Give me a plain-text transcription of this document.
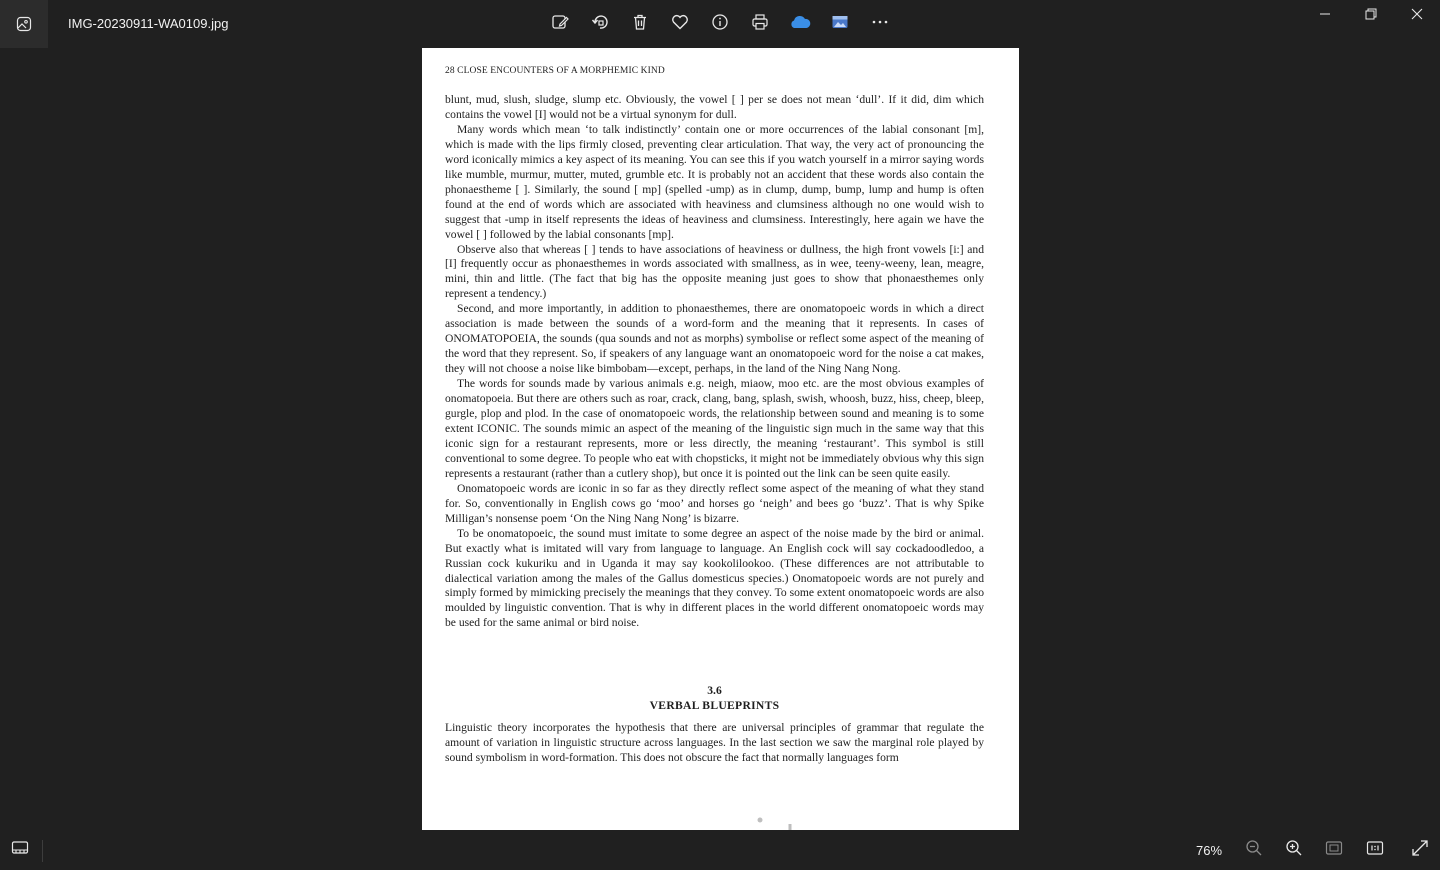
IMG-20230911-WA0109.jpg
28 CLOSE ENCOUNTERS OF A MORPHEMIC KIND

blunt, mud, slush, sludge, slump etc. Obviously, the vowel [ ] per se does not mean ‘dull’. If it did, dim which contains the vowel [I] would not be a virtual synonym for dull.

Many words which mean ‘to talk indistinctly’ contain one or more occurrences of the labial consonant [m], which is made with the lips firmly closed, preventing clear articulation. That way, the very act of pronouncing the word iconically mimics a key aspect of its meaning. You can see this if you watch yourself in a mirror saying words like mumble, murmur, mutter, muted, grumble etc. It is probably not an accident that these words also contain the phonaestheme [ ]. Similarly, the sound [ mp] (spelled -ump) as in clump, dump, bump, lump and hump is often found at the end of words which are associated with heaviness and clumsiness although no one would wish to suggest that -ump in itself represents the ideas of heaviness and clumsiness. Interestingly, here again we have the vowel [ ] followed by the labial consonants [mp].

Observe also that whereas [ ] tends to have associations of heaviness or dullness, the high front vowels [i:] and [I] frequently occur as phonaesthemes in words associated with smallness, as in wee, teeny-weeny, lean, meagre, mini, thin and little. (The fact that big has the opposite meaning just goes to show that phonaesthemes only represent a tendency.)

Second, and more importantly, in addition to phonaesthemes, there are onomatopoeic words in which a direct association is made between the sounds of a word-form and the meaning that it represents. In cases of ONOMATOPOEIA, the sounds (qua sounds and not as morphs) symbolise or reflect some aspect of the meaning of the word that they represent. So, if speakers of any language want an onomatopoeic word for the noise a cat makes, they will not choose a noise like bimbobam—except, perhaps, in the land of the Ning Nang Nong.

The words for sounds made by various animals e.g. neigh, miaow, moo etc. are the most obvious examples of onomatopoeia. But there are others such as roar, crack, clang, bang, splash, swish, whoosh, buzz, hiss, cheep, bleep, gurgle, plop and plod. In the case of onomatopoeic words, the relationship between sound and meaning is to some extent ICONIC. The sounds mimic an aspect of the meaning of the linguistic sign much in the same way that this iconic sign for a restaurant represents, more or less directly, the meaning ‘restaurant’. This symbol is still conventional to some degree. To people who eat with chopsticks, it might not be immediately obvious why this sign represents a restaurant (rather than a cutlery shop), but once it is pointed out the link can be seen quite easily.

Onomatopoeic words are iconic in so far as they directly reflect some aspect of the meaning of what they stand for. So, conventionally in English cows go ‘moo’ and horses go ‘neigh’ and bees go ‘buzz’. That is why Spike Milligan’s nonsense poem ‘On the Ning Nang Nong’ is bizarre.

To be onomatopoeic, the sound must imitate to some degree an aspect of the noise made by the bird or animal. But exactly what is imitated will vary from language to language. An English cock will say cockadoodledoo, a Russian cock kukuriku and in Uganda it may say kookolilookoo. (These differences are not attributable to dialectical variation among the males of the Gallus domesticus species.) Onomatopoeic words are not purely and simply formed by mimicking precisely the meanings that they convey. To some extent onomatopoeic words are also moulded by linguistic convention. That is why in different places in the world different onomatopoeic words may be used for the same animal or bird noise.

3.6
VERBAL BLUEPRINTS
Linguistic theory incorporates the hypothesis that there are universal principles of grammar that regulate the amount of variation in linguistic structure across languages. In the last section we saw the marginal role played by sound symbolism in word-formation. This does not obscure the fact that normally languages form
76%
